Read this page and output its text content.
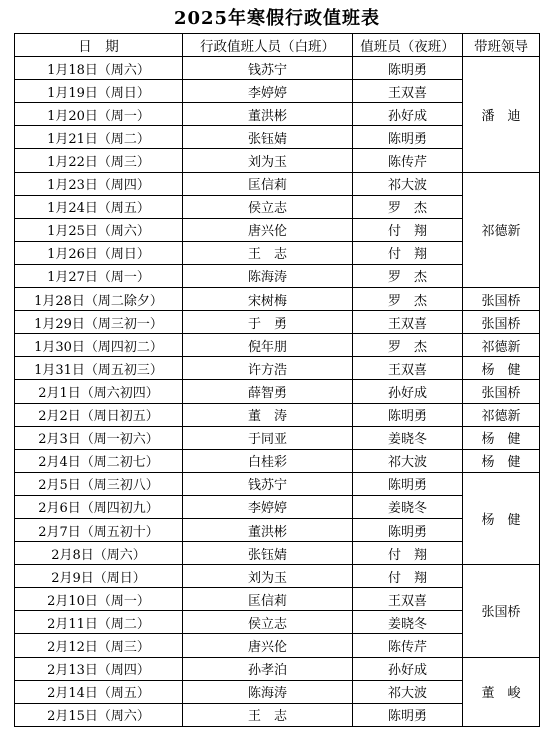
2025年寒假行政值班表
日　期	行政值班人员（白班）	值班员（夜班）	带班领导
1月18日（周六）	钱苏宁	陈明勇	潘　迪
1月19日（周日）	李婷婷	王双喜	
1月20日（周一）	董洪彬	孙好成	
1月21日（周二）	张钰婧	陈明勇	
1月22日（周三）	刘为玉	陈传芹	
1月23日（周四）	匡信莉	祁大波	祁德新
1月24日（周五）	侯立志	罗　杰	
1月25日（周六）	唐兴伦	付　翔	
1月26日（周日）	王　志	付　翔	
1月27日（周一）	陈海涛	罗　杰	
1月28日（周二除夕）	宋树梅	罗　杰	张国桥
1月29日（周三初一）	于　勇	王双喜	张国桥
1月30日（周四初二）	倪年朋	罗　杰	祁德新
1月31日（周五初三）	许方浩	王双喜	杨　健
2月1日（周六初四）	薛智勇	孙好成	张国桥
2月2日（周日初五）	董　涛	陈明勇	祁德新
2月3日（周一初六）	于同亚	姜晓冬	杨　健
2月4日（周二初七）	白桂彩	祁大波	杨　健
2月5日（周三初八）	钱苏宁	陈明勇	杨　健
2月6日（周四初九）	李婷婷	姜晓冬	
2月7日（周五初十）	董洪彬	陈明勇	
2月8日（周六）	张钰婧	付　翔	
2月9日（周日）	刘为玉	付　翔	张国桥
2月10日（周一）	匡信莉	王双喜	
2月11日（周二）	侯立志	姜晓冬	
2月12日（周三）	唐兴伦	陈传芹	
2月13日（周四）	孙孝泊	孙好成	董　峻
2月14日（周五）	陈海涛	祁大波	
2月15日（周六）	王　志	陈明勇	
